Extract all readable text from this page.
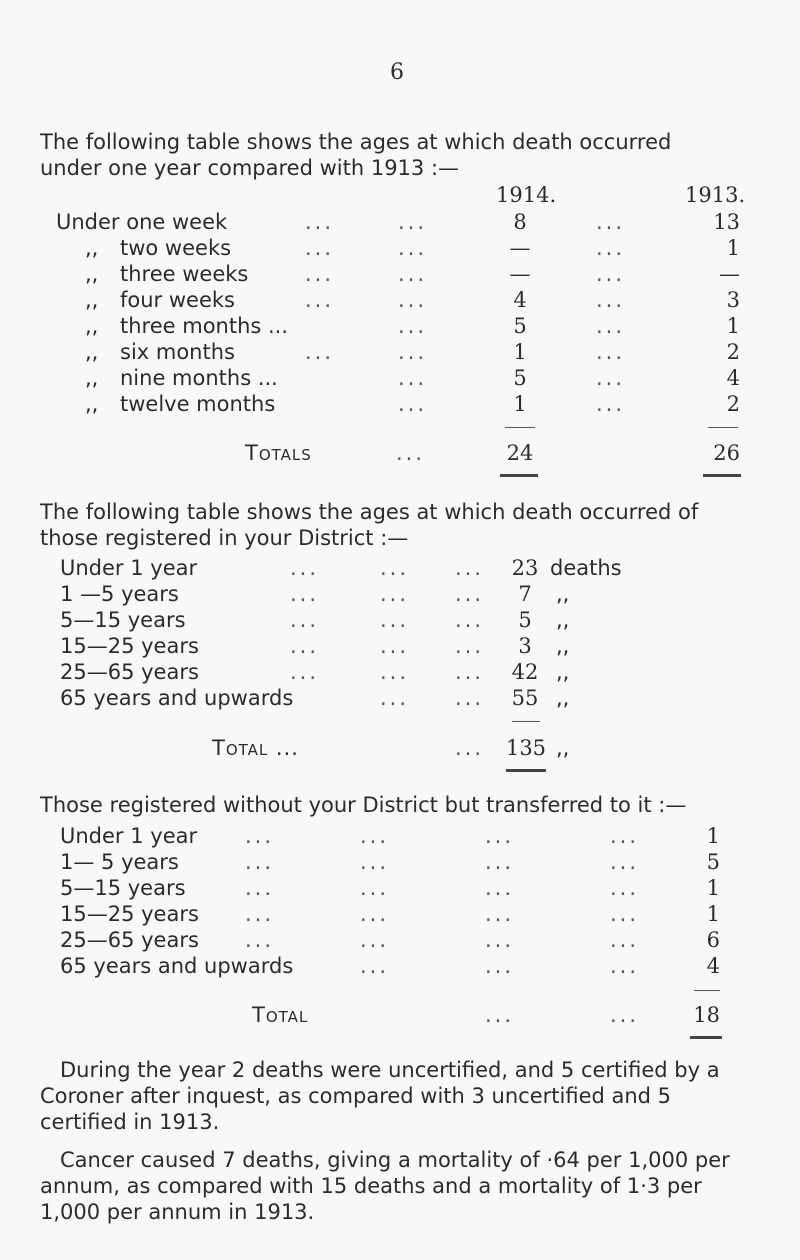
6
The following table shows the ages at which death occurred
under one year compared with 1913 :—
1914.	1913.
Under one week	...	...	8	...	13
,, two weeks	...	...	—	...	1
,, three weeks	...	...	—	...	—
,, four weeks	...	...	4	...	3
,, three months ...	...	5	...	1
,, six months	...	...	1	...	2
,, nine months ...	...	5	...	4
,, twelve months	...	1	...	2
Totals	...	24	26
The following table shows the ages at which death occurred of
those registered in your District :—
Under 1 year	...	... ...	23 deaths
1 —5 years	...	... ...	7	,,
5—15 years	...	... ...	5	,,
15—25 years	...	... ...	3	,,
25—65 years	...	... ...	42 ,,
65 years and upwards	... ...	55 ,,
Total ...	... 135 ,,
Those registered without your District but transferred to it :—
Under 1 year ...	...	...	...	1
1— 5 years	...	...	...	...	5
5—15 years	...	...	...	...	1
15—25 years ...	...	...	...	1
25—65 years ...	...	...	...	6
65 years and upwards	...	...	...	4
Total	...	...	18
During the year 2 deaths were uncertified, and 5 certified by a
Coroner after inquest, as compared with 3 uncertified and 5
certified in 1913.
Cancer caused 7 deaths, giving a mortality of ·64 per 1,000 per
annum, as compared with 15 deaths and a mortality of 1·3 per
1,000 per annum in 1913.
